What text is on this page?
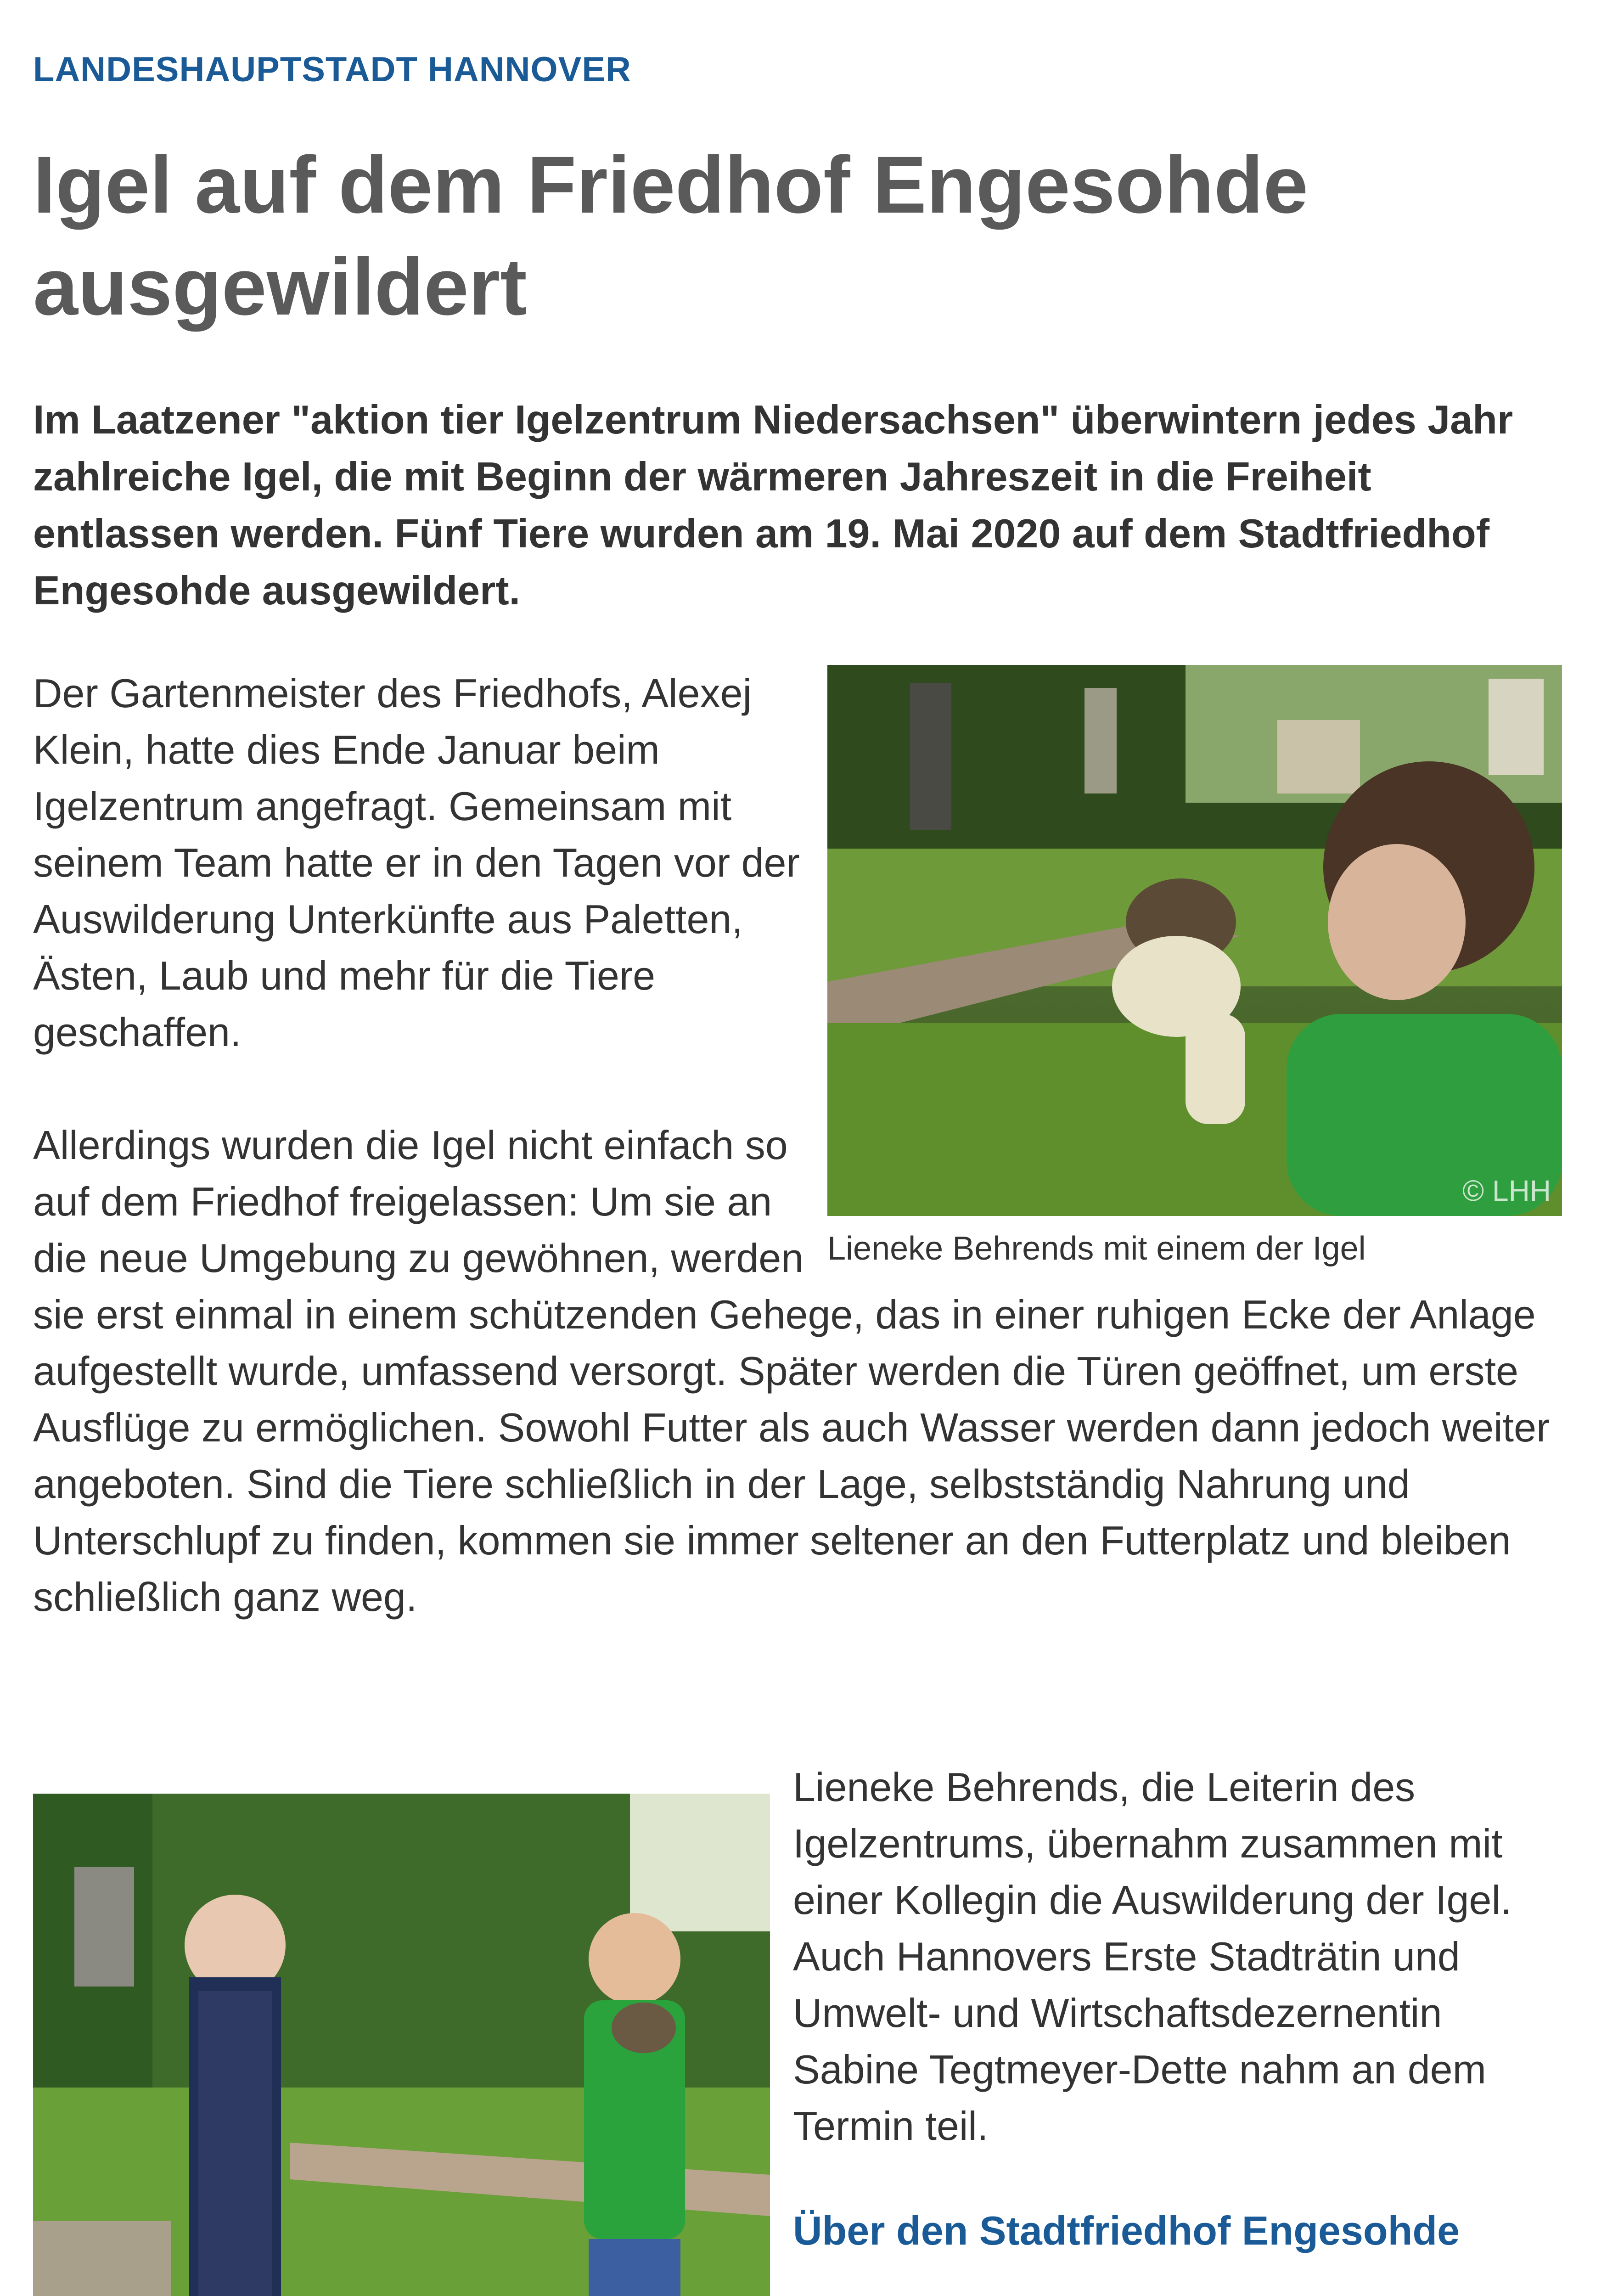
LANDESHAUPTSTADT HANNOVER
Igel auf dem Friedhof Engesohde ausgewildert

Im Laatzener "aktion tier Igelzentrum Niedersachsen" überwintern jedes Jahr zahlreiche Igel, die mit Beginn der wärmeren Jahreszeit in die Freiheit entlassen werden. Fünf Tiere wurden am 19. Mai 2020 auf dem Stadtfriedhof Engesohde ausgewildert.

© LHH

Lieneke Behrends mit einem der Igel

Der Gartenmeister des Friedhofs, Alexej Klein, hatte dies Ende Januar beim Igelzentrum angefragt. Gemeinsam mit seinem Team hatte er in den Tagen vor der Auswilderung Unterkünfte aus Paletten, Ästen, Laub und mehr für die Tiere geschaffen.

Allerdings wurden die Igel nicht einfach so auf dem Friedhof freigelassen: Um sie an die neue Umgebung zu gewöhnen, werden sie erst einmal in einem schützenden Gehege, das in einer ruhigen Ecke der Anlage aufgestellt wurde, umfassend versorgt. Später werden die Türen geöffnet, um erste Ausflüge zu ermöglichen. Sowohl Futter als auch Wasser werden dann jedoch weiter angeboten. Sind die Tiere schließlich in der Lage, selbstständig Nahrung und Unterschlupf zu finden, kommen sie immer seltener an den Futterplatz und bleiben schließlich ganz weg.

Lieneke Behrends, die Leiterin des Igelzentrums, übernahm zusammen mit einer Kollegin die Auswilderung der Igel. Auch Hannovers Erste Stadträtin und Umwelt- und Wirtschaftsdezernentin Sabine Tegtmeyer-Dette nahm an dem Termin teil.

Über den Stadtfriedhof Engesohde
